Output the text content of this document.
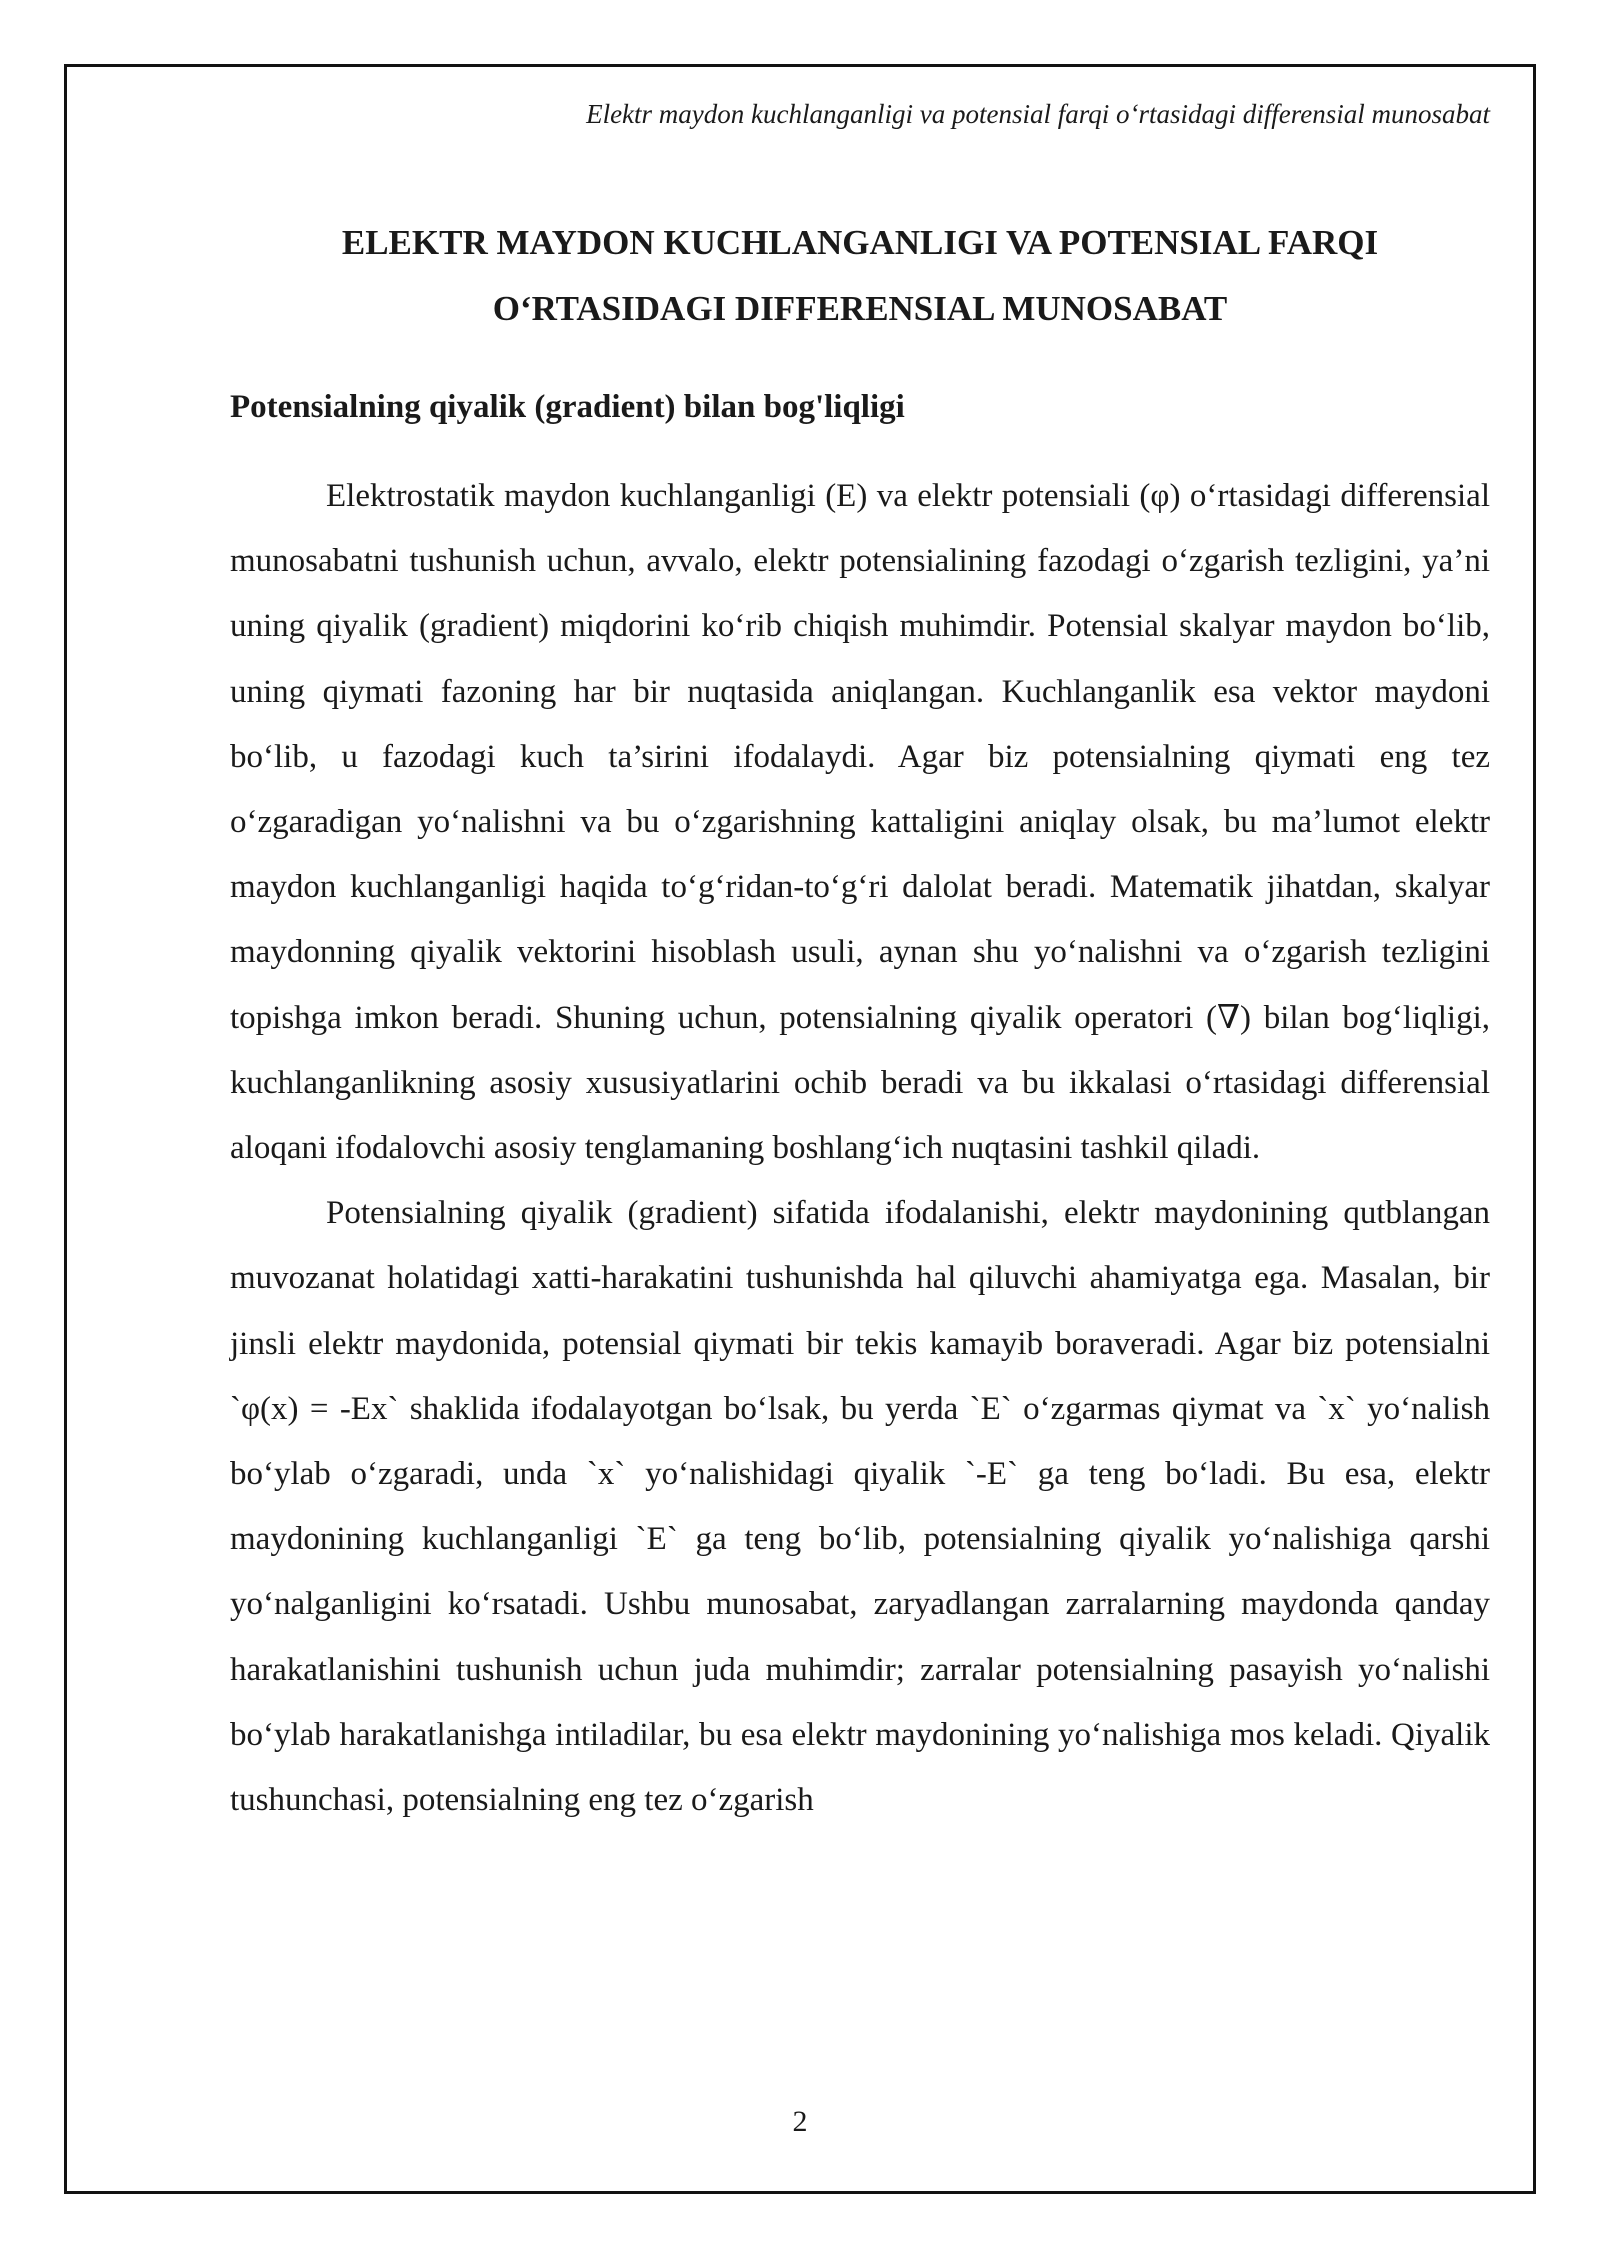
Elektr maydon kuchlanganligi va potensial farqi o‘rtasidagi differensial munosabat
ELEKTR MAYDON KUCHLANGANLIGI VA POTENSIAL FARQI
O‘RTASIDAGI DIFFERENSIAL MUNOSABAT
Potensialning qiyalik (gradient) bilan bog'liqligi

Elektrostatik maydon kuchlanganligi (E) va elektr potensiali (φ) o‘rtasidagi differensial munosabatni tushunish uchun, avvalo, elektr potensialining fazodagi o‘zgarish tezligini, ya’ni uning qiyalik (gradient) miqdorini ko‘rib chiqish muhimdir. Potensial skalyar maydon bo‘lib, uning qiymati fazoning har bir nuqtasida aniqlangan. Kuchlanganlik esa vektor maydoni bo‘lib, u fazodagi kuch ta’sirini ifodalaydi. Agar biz potensialning qiymati eng tez o‘zgaradigan yo‘nalishni va bu o‘zgarishning kattaligini aniqlay olsak, bu ma’lumot elektr maydon kuchlanganligi haqida to‘g‘ridan-to‘g‘ri dalolat beradi. Matematik jihatdan, skalyar maydonning qiyalik vektorini hisoblash usuli, aynan shu yo‘nalishni va o‘zgarish tezligini topishga imkon beradi. Shuning uchun, potensialning qiyalik operatori (∇) bilan bog‘liqligi, kuchlanganlikning asosiy xususiyatlarini ochib beradi va bu ikkalasi o‘rtasidagi differensial aloqani ifodalovchi asosiy tenglamaning boshlang‘ich nuqtasini tashkil qiladi.

Potensialning qiyalik (gradient) sifatida ifodalanishi, elektr maydonining qutblangan muvozanat holatidagi xatti-harakatini tushunishda hal qiluvchi ahamiyatga ega. Masalan, bir jinsli elektr maydonida, potensial qiymati bir tekis kamayib boraveradi. Agar biz potensialni `φ(x) = -Ex` shaklida ifodalayotgan bo‘lsak, bu yerda `E` o‘zgarmas qiymat va `x` yo‘nalish bo‘ylab o‘zgaradi, unda `x` yo‘nalishidagi qiyalik `-E` ga teng bo‘ladi. Bu esa, elektr maydonining kuchlanganligi `E` ga teng bo‘lib, potensialning qiyalik yo‘nalishiga qarshi yo‘nalganligini ko‘rsatadi. Ushbu munosabat, zaryadlangan zarralarning maydonda qanday harakatlanishini tushunish uchun juda muhimdir; zarralar potensialning pasayish yo‘nalishi bo‘ylab harakatlanishga intiladilar, bu esa elektr maydonining yo‘nalishiga mos keladi. Qiyalik tushunchasi, potensialning eng tez o‘zgarish

2
